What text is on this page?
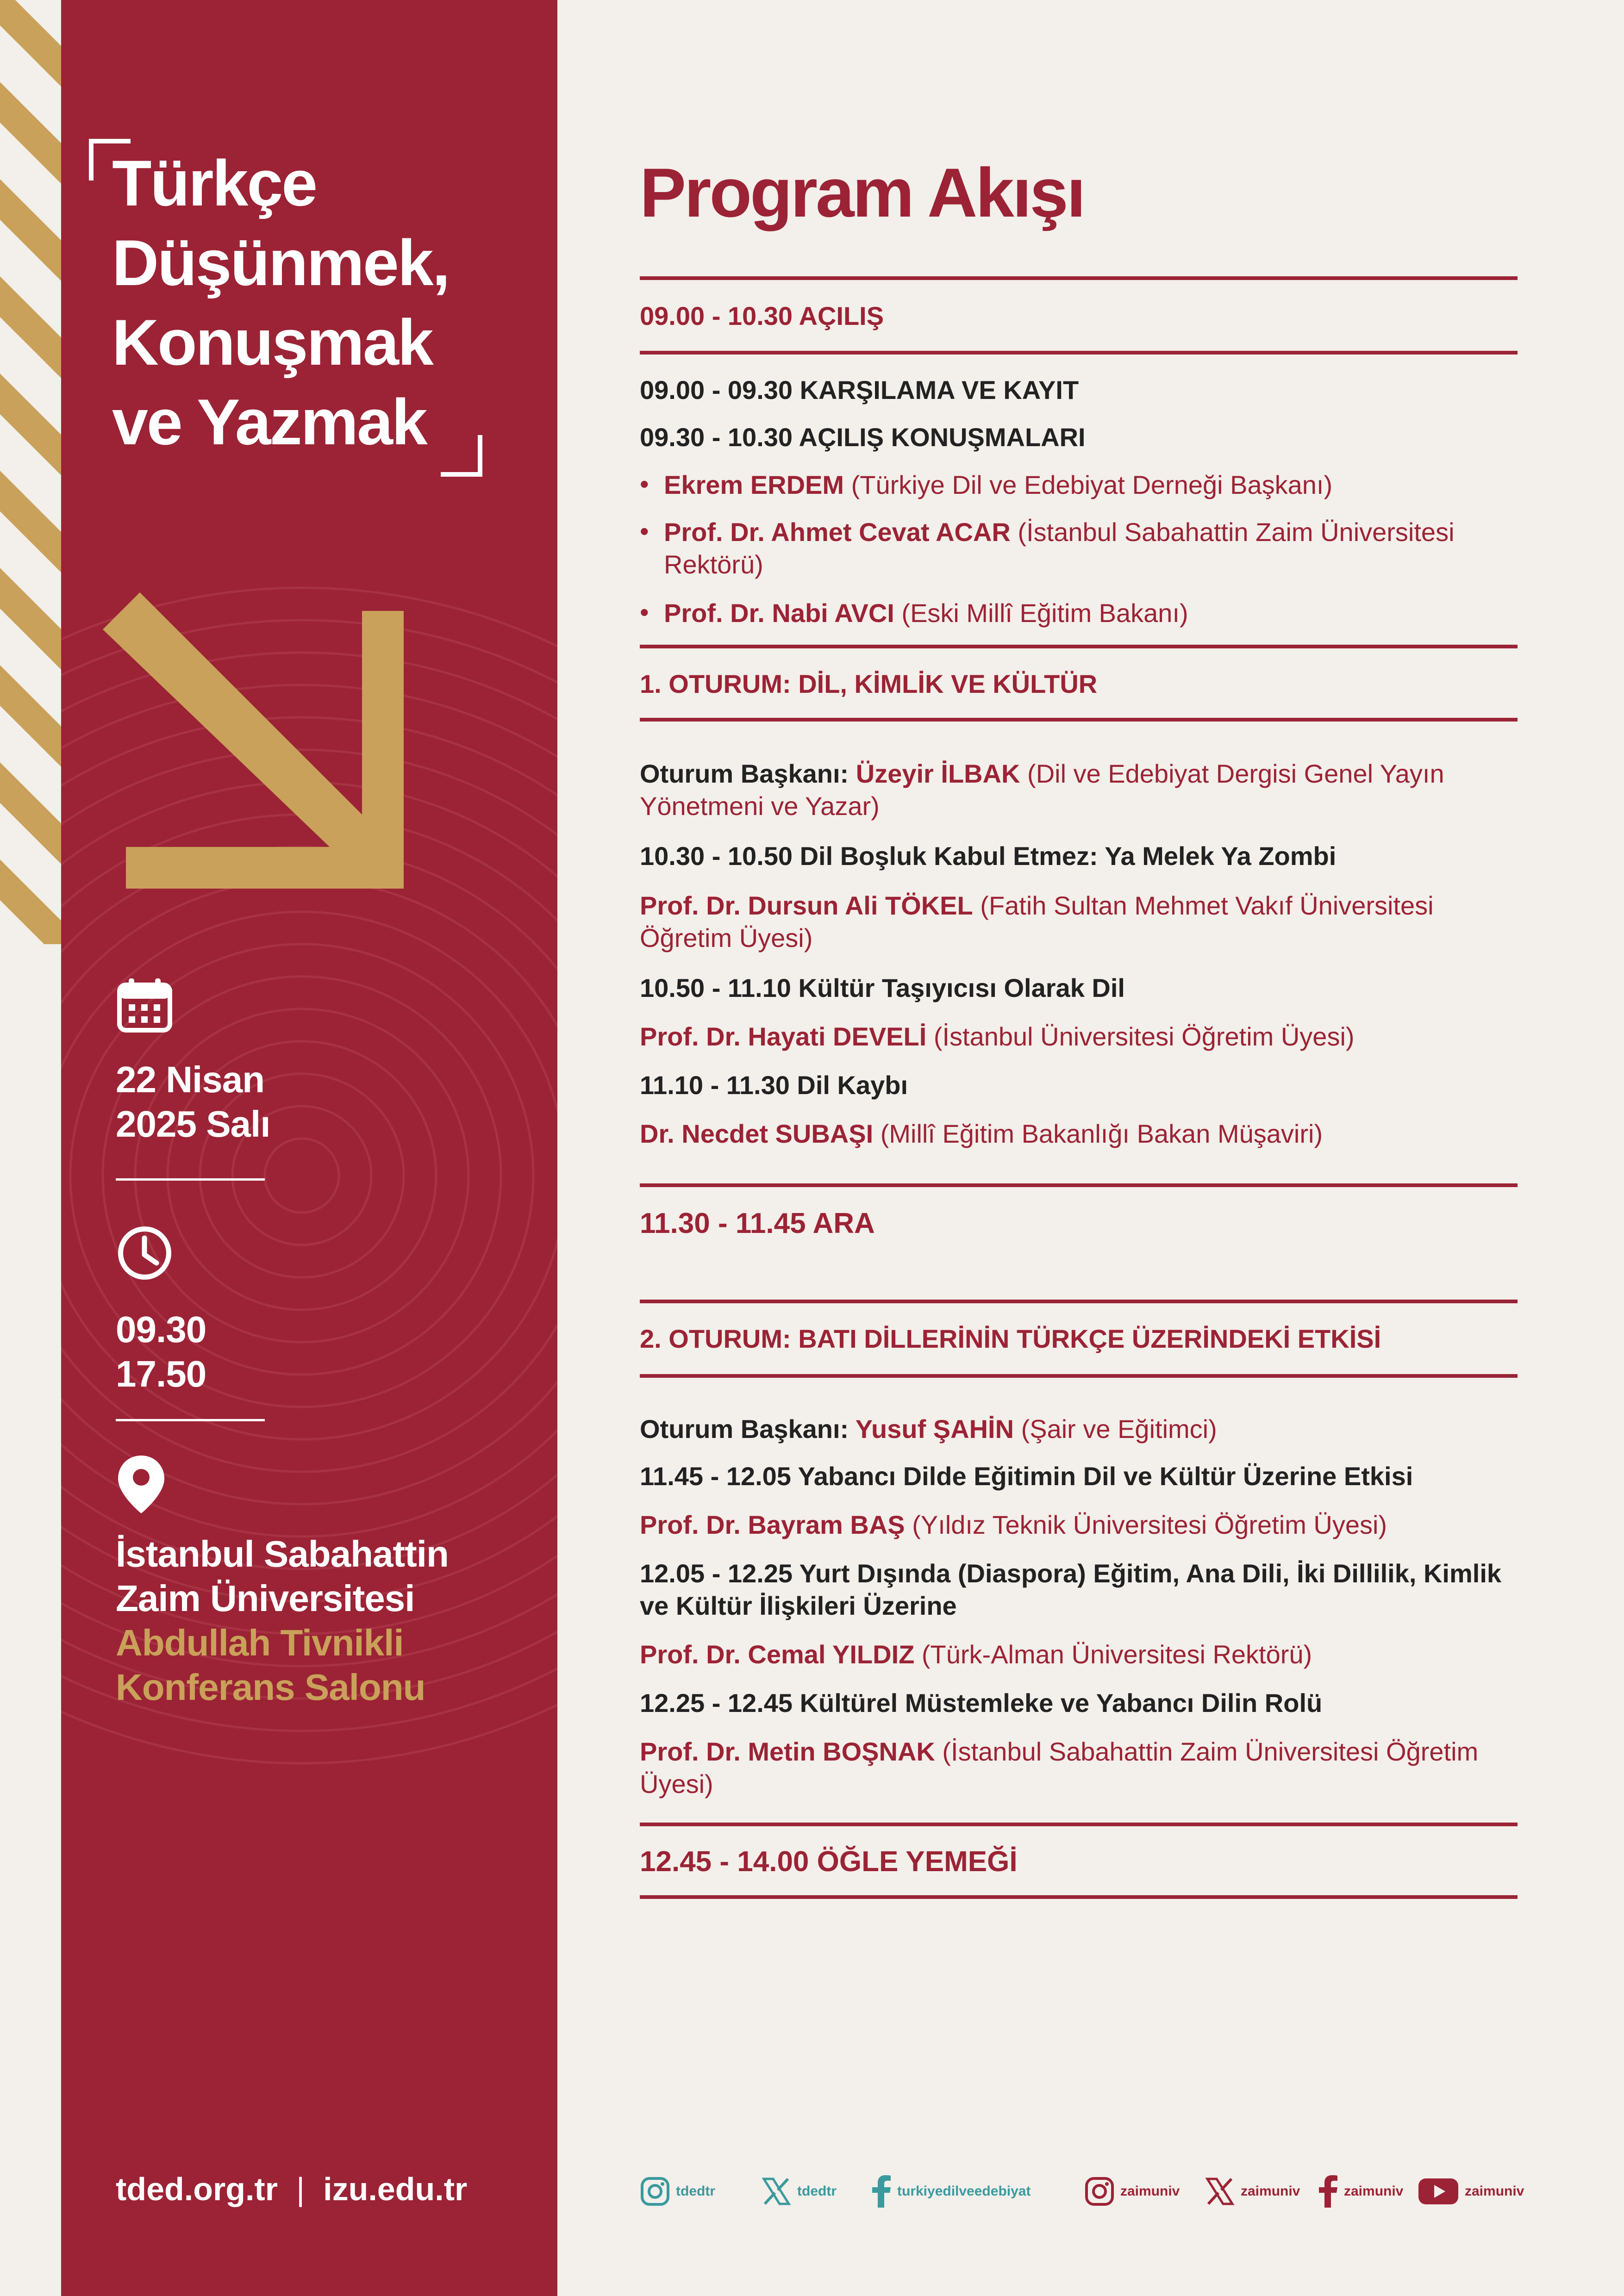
Türkçe
Düşünmek,
Konuşmak
ve Yazmak
22 Nisan
2025 Salı
09.30
17.50
İstanbul Sabahattin
Zaim Üniversitesi
Abdullah Tivnikli
Konferans Salonu
tded.org.tr | izu.edu.tr
Program Akışı
09.00 - 10.30 AÇILIŞ
09.00 - 09.30 KARŞILAMA VE KAYIT
09.30 - 10.30 AÇILIŞ KONUŞMALARI
• Ekrem ERDEM (Türkiye Dil ve Edebiyat Derneği Başkanı)
• Prof. Dr. Ahmet Cevat ACAR (İstanbul Sabahattin Zaim Üniversitesi Rektörü)
• Prof. Dr. Nabi AVCI (Eski Millî Eğitim Bakanı)
1. OTURUM: DİL, KİMLİK VE KÜLTÜR
Oturum Başkanı: Üzeyir İLBAK (Dil ve Edebiyat Dergisi Genel Yayın Yönetmeni ve Yazar)
10.30 - 10.50 Dil Boşluk Kabul Etmez: Ya Melek Ya Zombi
Prof. Dr. Dursun Ali TÖKEL (Fatih Sultan Mehmet Vakıf Üniversitesi Öğretim Üyesi)
10.50 - 11.10 Kültür Taşıyıcısı Olarak Dil
Prof. Dr. Hayati DEVELİ (İstanbul Üniversitesi Öğretim Üyesi)
11.10 - 11.30 Dil Kaybı
Dr. Necdet SUBAŞI (Millî Eğitim Bakanlığı Bakan Müşaviri)
11.30 - 11.45 ARA
2. OTURUM: BATI DİLLERİNİN TÜRKÇE ÜZERİNDEKİ ETKİSİ
Oturum Başkanı: Yusuf ŞAHİN (Şair ve Eğitimci)
11.45 - 12.05 Yabancı Dilde Eğitimin Dil ve Kültür Üzerine Etkisi
Prof. Dr. Bayram BAŞ (Yıldız Teknik Üniversitesi Öğretim Üyesi)
12.05 - 12.25 Yurt Dışında (Diaspora) Eğitim, Ana Dili, İki Dillilik, Kimlik ve Kültür İlişkileri Üzerine
Prof. Dr. Cemal YILDIZ (Türk-Alman Üniversitesi Rektörü)
12.25 - 12.45 Kültürel Müstemleke ve Yabancı Dilin Rolü
Prof. Dr. Metin BOŞNAK (İstanbul Sabahattin Zaim Üniversitesi Öğretim Üyesi)
12.45 - 14.00 ÖĞLE YEMEĞİ
tdedtr	tdedtr	turkiyedilveedebiyat	zaimuniv	zaimuniv	zaimuniv	zaimuniv
